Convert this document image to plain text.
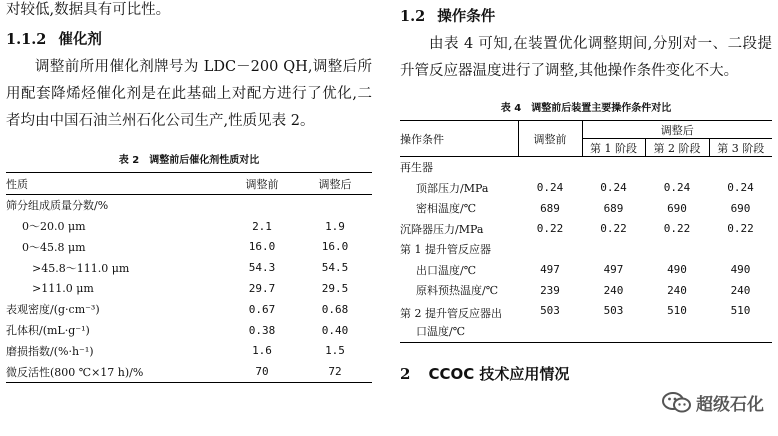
对较低,数据具有可比性。

1.1.2 催化剂

调整前所用催化剂牌号为 LDC－200 QH,调整后所用配套降烯烃催化剂是在此基础上对配方进行了优化,二者均由中国石油兰州石化公司生产,性质见表 2。

表 2　调整前后催化剂性质对比

性质	调整前	调整后
筛分组成质量分数/%		
0～20.0 μm	2.1	1.9
0～45.8 μm	16.0	16.0
>45.8～111.0 μm	54.3	54.5
>111.0 μm	29.7	29.5
表观密度/(g·cm⁻³)	0.67	0.68
孔体积/(mL·g⁻¹)	0.38	0.40
磨损指数/(%·h⁻¹)	1.6	1.5
微反活性(800 ℃×17 h)/%	70	72
1.2 操作条件

由表 4 可知,在装置优化调整期间,分别对一、二段提升管反应器温度进行了调整,其他操作条件变化不大。

表 4　调整前后装置主要操作条件对比

操作条件	调整前	调整后		
		第 1 阶段	第 2 阶段	第 3 阶段
再生器				
顶部压力/MPa	0.24	0.24	0.24	0.24
密相温度/℃	689	689	690	690
沉降器压力/MPa	0.22	0.22	0.22	0.22
第 1 提升管反应器				
出口温度/℃	497	497	490	490
原料预热温度/℃	239	240	240	240
第 2 提升管反应器出	503	503	510	510
口温度/℃				
2 CCOC 技术应用情况
超级石化
